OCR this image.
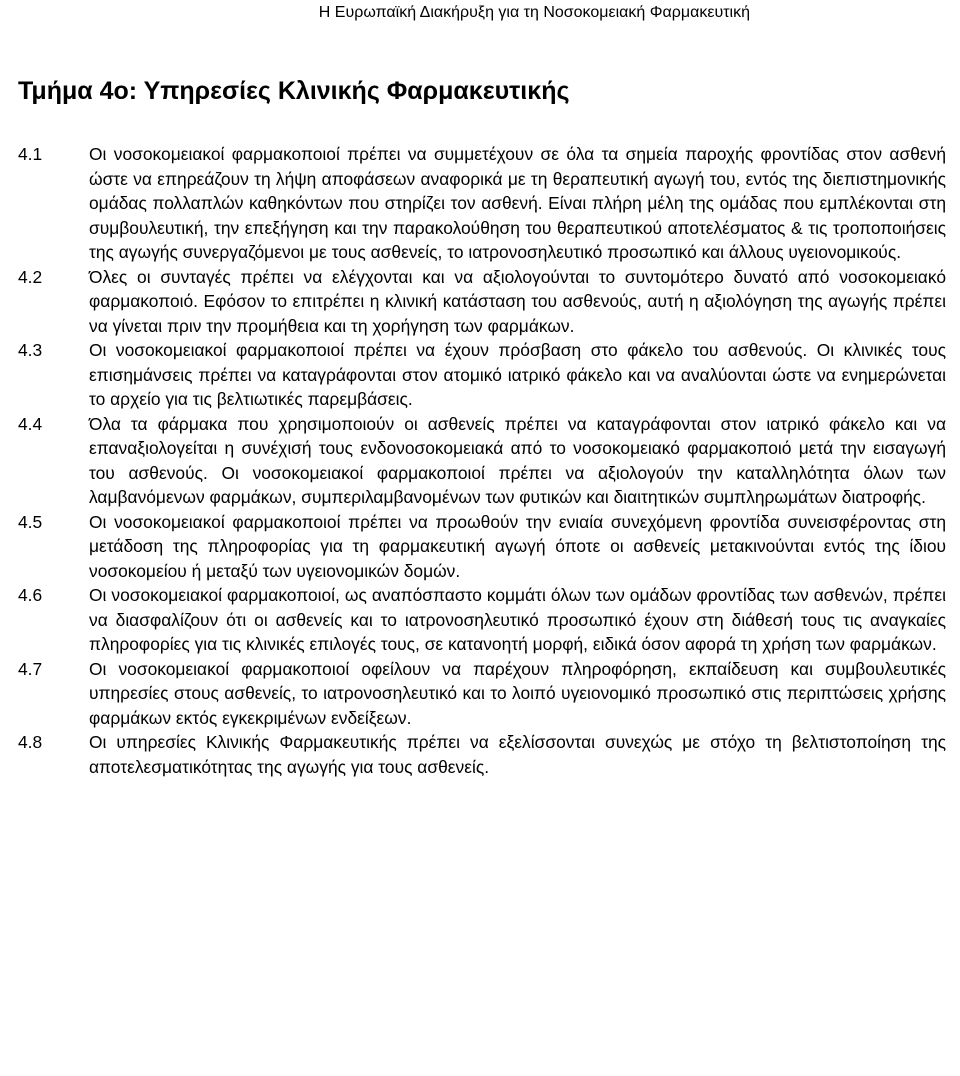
Η Ευρωπαϊκή Διακήρυξη για τη Νοσοκομειακή Φαρμακευτική
Τμήμα 4ο: Υπηρεσίες Κλινικής Φαρμακευτικής
4.1	Οι νοσοκομειακοί φαρμακοποιοί πρέπει να συμμετέχουν σε όλα τα σημεία παροχής φροντίδας στον ασθενή ώστε να επηρεάζουν τη λήψη αποφάσεων αναφορικά με τη θεραπευτική αγωγή του, εντός της διεπιστημονικής ομάδας πολλαπλών καθηκόντων που στηρίζει τον ασθενή. Είναι πλήρη μέλη της ομάδας που εμπλέκονται στη συμβουλευτική, την επεξήγηση και την παρακολούθηση του θεραπευτικού αποτελέσματος & τις τροποποιήσεις της αγωγής συνεργαζόμενοι με τους ασθενείς, το ιατρονοσηλευτικό προσωπικό και άλλους υγειονομικούς.
4.2	Όλες οι συνταγές πρέπει να ελέγχονται και να αξιολογούνται το συντομότερο δυνατό από νοσοκομειακό φαρμακοποιό. Εφόσον το επιτρέπει η κλινική κατάσταση του ασθενούς, αυτή η αξιολόγηση της αγωγής πρέπει να γίνεται πριν την προμήθεια και τη χορήγηση των φαρμάκων.
4.3	Οι νοσοκομειακοί φαρμακοποιοί πρέπει να έχουν πρόσβαση στο φάκελο του ασθενούς. Οι κλινικές τους επισημάνσεις πρέπει να καταγράφονται στον ατομικό ιατρικό φάκελο και να αναλύονται ώστε να ενημερώνεται το αρχείο για τις βελτιωτικές παρεμβάσεις.
4.4	Όλα τα φάρμακα που χρησιμοποιούν οι ασθενείς πρέπει να καταγράφονται στον ιατρικό φάκελο και να επαναξιολογείται η συνέχισή τους ενδονοσοκομειακά από το νοσοκομειακό φαρμακοποιό μετά την εισαγωγή του ασθενούς. Οι νοσοκομειακοί φαρμακοποιοί πρέπει να αξιολογούν την καταλληλότητα όλων των λαμβανόμενων φαρμάκων, συμπεριλαμβανομένων των φυτικών και διαιτητικών συμπληρωμάτων διατροφής.
4.5	Οι νοσοκομειακοί φαρμακοποιοί πρέπει να προωθούν την ενιαία συνεχόμενη φροντίδα συνεισφέροντας στη μετάδοση της πληροφορίας για τη φαρμακευτική αγωγή όποτε οι ασθενείς μετακινούνται εντός της ίδιου νοσοκομείου ή μεταξύ των υγειονομικών δομών.
4.6	Οι νοσοκομειακοί φαρμακοποιοί, ως αναπόσπαστο κομμάτι όλων των ομάδων φροντίδας των ασθενών, πρέπει να διασφαλίζουν ότι οι ασθενείς και το ιατρονοσηλευτικό προσωπικό έχουν στη διάθεσή τους τις αναγκαίες πληροφορίες για τις κλινικές επιλογές τους, σε κατανοητή μορφή, ειδικά όσον αφορά τη χρήση των φαρμάκων.
4.7	Οι νοσοκομειακοί φαρμακοποιοί οφείλουν να παρέχουν πληροφόρηση, εκπαίδευση και συμβουλευτικές υπηρεσίες στους ασθενείς, το ιατρονοσηλευτικό και το λοιπό υγειονομικό προσωπικό στις περιπτώσεις χρήσης φαρμάκων εκτός εγκεκριμένων ενδείξεων.
4.8	Οι υπηρεσίες Κλινικής Φαρμακευτικής πρέπει να εξελίσσονται συνεχώς με στόχο τη βελτιστοποίηση της αποτελεσματικότητας της αγωγής για τους ασθενείς.
